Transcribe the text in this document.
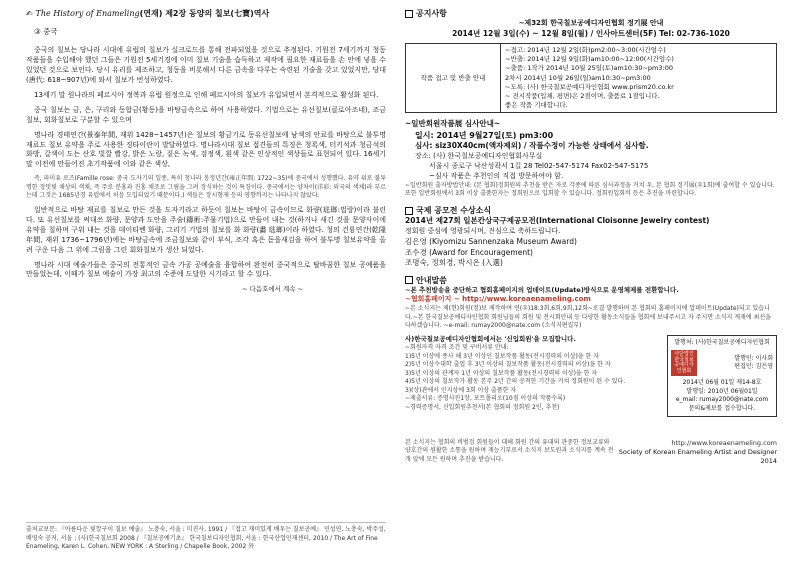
✍ The History of Enameling(연재) 제2장 동양의 칠보(七寶)역사
③ 중국

중국의 칠보는 당나라 시대에 유럽의 칠보가 실크로드를 통해 전파되었을 것으로 추정된다. 기원전 7세기까지 청동 작품들을 수입해야 했던 그들은 기원전 5세기경에 이미 칠보 기술을 습득하고 제작에 필요한 재료들을 손 안에 넣을 수 있었던 것으로 보인다. 당시 유리를 제조하고, 청동을 비롯해서 다른 금속을 다루는 숙련된 기술을 갖고 있었지만, 당대(唐代: 618~907년)에 와서 칠보가 번성하였다.

13세기 말 원나라의 페르시아 정복과 유럽 원정으로 인해 페르시아의 칠보가 유입되면서 본격적으로 활성화 된다.

중국 칠보는 금, 은, 구리와 동합금(황동)을 바탕금속으로 하여 사용하였다. 기법으로는 유선칠보(클로아조네), 조금칠보, 회화칠보로 구분할 수 있으며

명나라 경태연간(景泰年間, 재위 1428~1457년)은 칠보의 황금기로 동유선칠보에 남색의 안료를 바탕으로 불투명 재료도 칠보 유약을 주로 사용한 징타이란이 발달하였다. 명나라시대 칠보 접견들의 특징은 청록색, 터키석과 청금석의 화방, 갈색이 도는 산호 빛깔 빨강, 밝은 노랑, 짙은 녹색, 검정색, 흰색 같은 인상적인 색상들로 표현되어 있다. 16세기 말 이전에 만들어진 초기작품에 이와 같은 색상,

즉, 파미유 로즈(Famille rose: 중국 도자기의 일종, 특히 청나라 옹정년간(雍正年間: 1722~35)에 중국에서 성행했다. 유약 위로 불투명한 장밋빛 채상의 색채, 즉 주로 분홍과 진홍 채조로 그림을 그려 장식하는 것이 특징이다. 중국에서는 양차이(洋彩: 외국의 색채)라 부르는데 그것은 1685년경 유럽에서 처음 도입되었기 때문이다.) 색들은 장시형제 등의 영향까지는 나타나지 않았다.

일반적으로 바탕 재료를 칠보로 만든 것을 도자기라고 하듯이 칠보는 바탕이 금속이므로 화량(琺瑯:법랑)이라 불린다. 또 유선칠보를 써대쓰 화량, 문양과 도안을 주술(鑄術:주물기법)으로 만들어 내는 것(하거나 새긴 것을 문양사이에 유약을 칠하며 구워 내는 것을 데이티벤 화량, 그리기 기법의 칠보를 화 화량(畵 琺瑯)이라 하였다. 청의 건륭연간(乾隆年間, 재위 1736~1796년)에는 바탕금속에 조금칠보와 같이 부식, 조각 혹은 돋을새김을 하여 불투명 칠보유약을 올려 구운 다음 그 위에 그림을 그린 회화칠보가 생산 되었다.

명나라 시대 예술가들은 중국의 전통적인 금속 가공 공예술을 융합하여 완전히 중국적으로 탈바꿈한 칠보 공예품을 만들었는데, 이때가 칠보 예술이 가장 최고의 수준에 도달한 시기라고 할 수 있다.

~ 다음호에서 계속 ~
출처교보문: 『아름다운 빛깔구이 칠보 예술』 노충숙, 서울 : 미진사, 1991 / 『접고 재미있게 배우는 칠보공예』 민성연, 노충숙, 박주성, 배영숙 공저, 서울 : (사)한국칠보회 2008 / 『칠보공예기초』 한국칠보디자인협회, 서울 : 한국산업인재센터, 2010 / The Art of Fine Enameling, Karen L. Cohen, NEW YORK : A Sterling / Chapelle Book, 2002 外
공지사항
~제32회 한국칠보공예디자인협회 정기展 안내
2014년 12월 3일(수) ~ 12월 8일(월) / 인사아트센터(5F) Tel: 02-736-1020
작품 접고 및 반출 안내
~접고: 2014년 12월 2일(화)pm2:00~3:00(시간엄수)
~반출: 2014년 12월 9일(화)am10:00~12:00(시간엄수)
~출품: 1작가 2014년 10월 25일(토)am10:30~pm3:00
2차시 2014년 10월 26일(일)am10:30~pm3:00
~도록: (사) 한국칠보공예디자인협회 www.prism20.co.kr
~ 전시작품(입체, 평면)은 2점이며, 출품료 1점입니다.
좋은 작품 기대합니다.
~일반회원작품展 심사안내~
일시: 2014년 9월27일(토) pm3:00
심사: siz30X40cm(액자제외) / 작품수정이 가능한 상태에서 심사함.
장소: (사) 한국칠보공예디자인협회사무실
서울시 종로구 낙산성곽서 1길 28 Tel02-547-5174 Fax02-547-5175
~심사 작품은 추천인의 직접 방문하여야 함.
~일반회원 출자방법안내: (본 협회)정회원의 추천을 받은 자로 각종에 따른 심사과정을 거쳐 우, 본 협회 정기展(우1회)에 출여할 수 있습니다. 또한 일반회원에서 3회 이상 출품한자는 정회원으로 입회할 수 있습니다. 정회원입회비 등은 추진을 마련합니다.
국제 공모전 수상소식
2014년 제27회 일본칸상국구제공모전(International Cloisonne Jewelry contest)
정회원 중심에 영광되시며, 진심으로 축하드립니다.
김은영 (Kiyomizu Sannenzaka Museum Award)
조수경 (Award for Encouragement)
조명숙, 정희경, 박시온 (入選)
안내말씀
~본 추천방송을 중단하고 협회홈페이지의 업데이트(Update)방식으로 운영체제를 전환합니다.
~협회홈페이지 ~ http://www.koreaenameling.com
~본 소식지는 제(현)회원(정)보 제작하여 연(우)18.3회,6회,9회,12회~로결 발행하며 본 협회의 홈페이지에 업데이트(Update)되고 있습니다.~본 한국칠보공예디자인협회 회원님들의 회원 및 전시회안내 등 다양한 활동소식들을 협회에 보내주시고 자 주시면 소식지 게재에 최선을 다하겠습니다. ~e-mail: rumay2000@nate.com (소식지편집부)
사)한국칠보공예디자인협회에서는 '신입회원'을 모집합니다.
~회원자격 자격 조건 및 구비서류 안내:
1)5년 이상에 종사 해 3년 이상인 칠보작품 활동(전시경력의 이상)을 한 자
2)5년 이상수대학 출업 후 3년 이상의 칠보작품 활동(전시경력의 이상)을 한 자
3)5년 이상의 관계자 1년 이상의 칠보작품 활동(전시경력의 이상)을 한 자
4)5년 이상의 칠보작가 활동 본주 2년 간의 공적한 기간을 거쳐 정회원이 된 수 있다.
3)(상)관에서 인지상에 3회 이상 출품한 자
~제출서류: 증명사진1장, 포트폴리오(10점 이상의 작품수록)
~경력증명서, 신입회원추천서(본 협회의 정회원 2인, 추천)
발행처: (사)한국칠보공예디자인협회
사단법인한국칠보공예디자인협회
발행인: 이사회
편집인: 김은영
2014년 06월 01일 제14-8호
발행일: 2010년 06월01일
e_mail: rumay2000@nate.com
문의&제보를 접수합니다.
본 소식지는 협회의 비범검 회원들이 대해 회원 간의 유대의 관중한 정보교류와 양호간의 원활한 소통을 원하며 재능기부로서 소식지 보도원과 소식지를 계속 전개 앞에 모든 원하며 추진을 받습니다.
http://www.koreaenameling.com
Society of Korean Enameling Artist and Designer 2014
